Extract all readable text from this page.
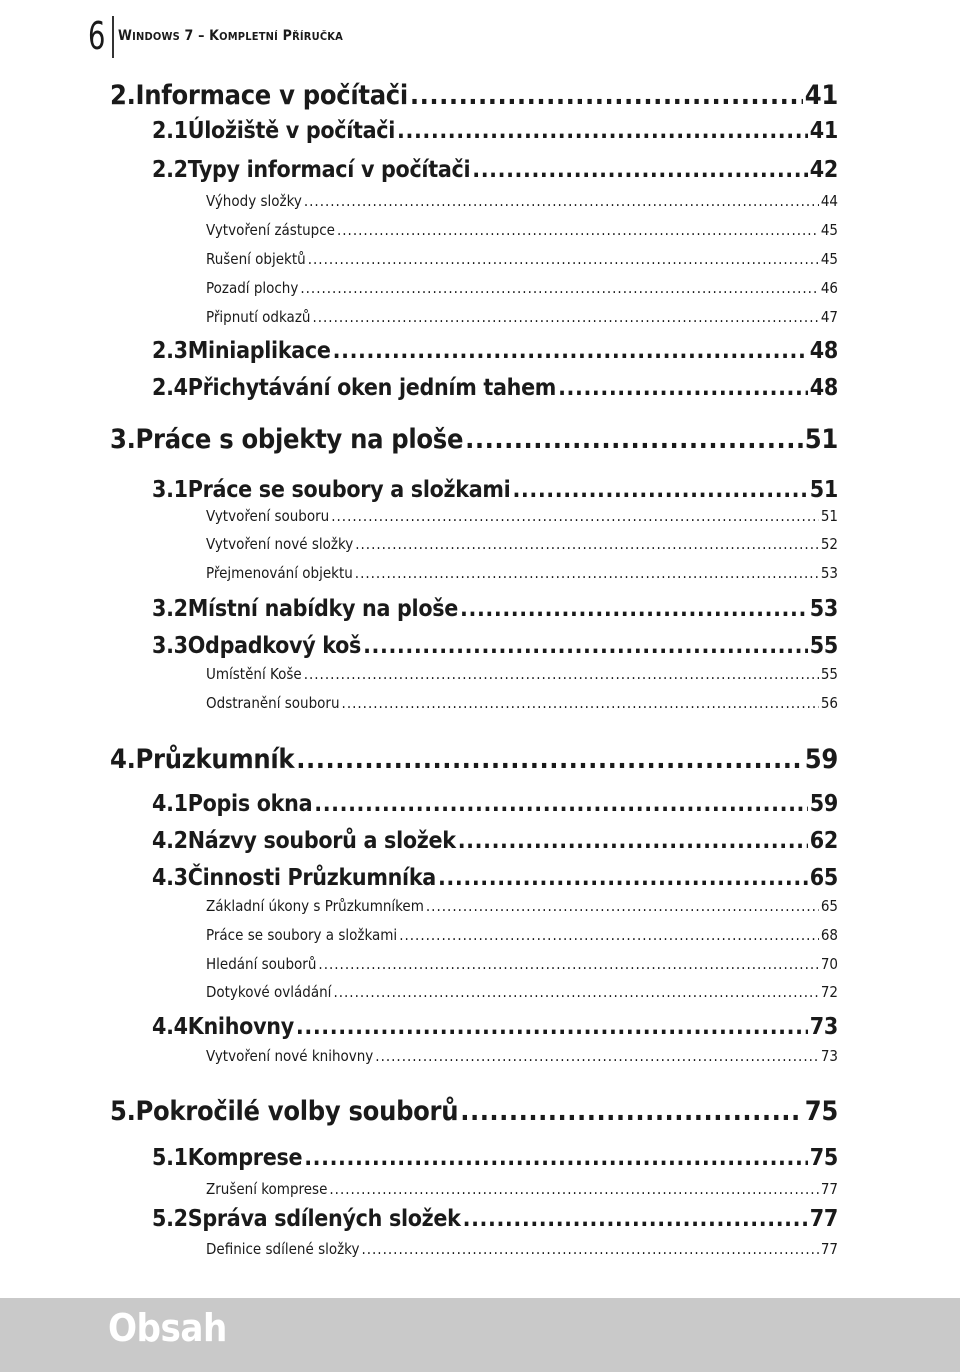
6 WINDOWS 7 – KOMPLETNÍ PŘÍRUČKA
2. Informace v počítači .....	41
2.1 Úložiště v počítači .....	41
2.2 Typy informací v počítači .....	42
Výhody složky .....	44
Vytvoření zástupce .....	45
Rušení objektů .....	45
Pozadí plochy .....	46
Připnutí odkazů .....	47
2.3 Miniaplikace .....	48
2.4 Přichytávání oken jedním tahem .....	48
3. Práce s objekty na ploše .....	51
3.1 Práce se soubory a složkami .....	51
Vytvoření souboru .....	51
Vytvoření nové složky .....	52
Přejmenování objektu .....	53
3.2 Místní nabídky na ploše .....	53
3.3 Odpadkový koš .....	55
Umístění Koše .....	55
Odstranění souboru .....	56
4. Průzkumník .....	59
4.1 Popis okna .....	59
4.2 Názvy souborů a složek .....	62
4.3 Činnosti Průzkumníka .....	65
Základní úkony s Průzkumníkem .....	65
Práce se soubory a složkami .....	68
Hledání souborů .....	70
Dotykové ovládání .....	72
4.4 Knihovny .....	73
Vytvoření nové knihovny .....	73
5. Pokročilé volby souborů .....	75
5.1 Komprese .....	75
Zrušení komprese .....	77
5.2 Správa sdílených složek .....	77
Definice sdílené složky .....	77
Obsah
